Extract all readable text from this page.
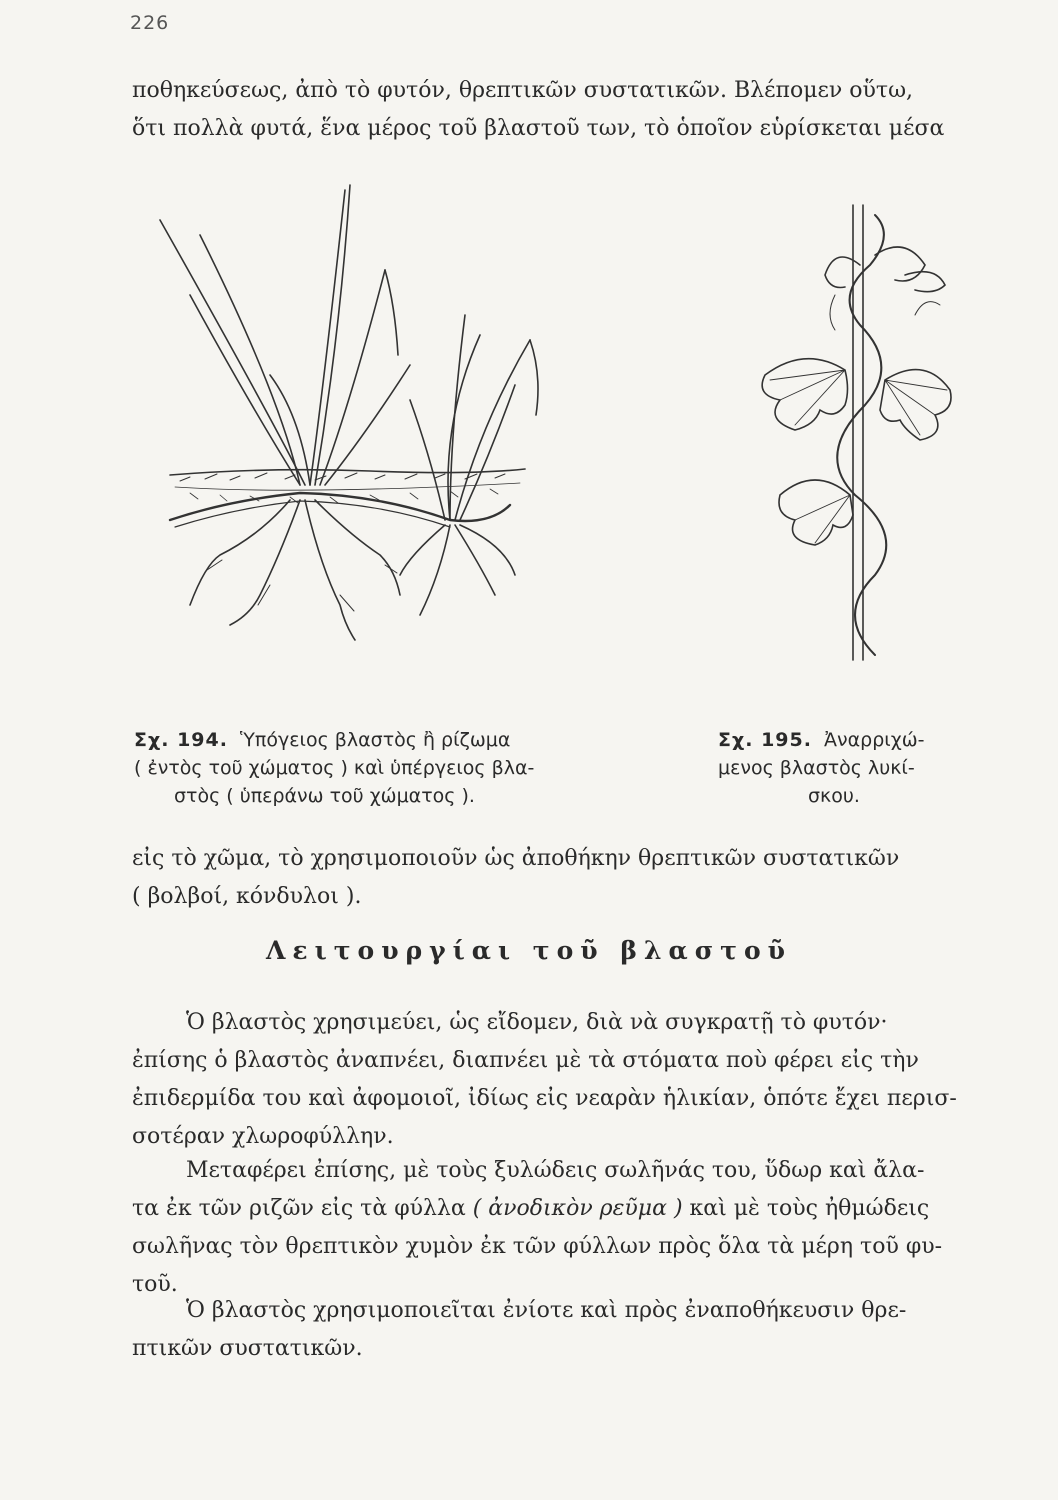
226

ποθηκεύσεως, ἀπὸ τὸ φυτόν, θρεπτικῶν συστατικῶν. Βλέπομεν οὕτω,
ὅτι πολλὰ φυτά, ἕνα μέρος τοῦ βλαστοῦ των, τὸ ὁποῖον εὑρίσκεται μέσα

Σχ. 194. Ὑπόγειος βλαστὸς ἢ ρίζωμα
( ἐντὸς τοῦ χώματος ) καὶ ὑπέργειος βλα-
στὸς ( ὑπεράνω τοῦ χώματος ).

Σχ. 195. Ἀναρριχώ-
μενος βλαστὸς λυκί-
σκου.

εἰς τὸ χῶμα, τὸ χρησιμοποιοῦν ὡς ἀποθήκην θρεπτικῶν συστατικῶν
( βολβοί, κόνδυλοι ).

Λειτουργίαι τοῦ βλαστοῦ

Ὁ βλαστὸς χρησιμεύει, ὡς εἴδομεν, διὰ νὰ συγκρατῇ τὸ φυτόν·
ἐπίσης ὁ βλαστὸς ἀναπνέει, διαπνέει μὲ τὰ στόματα ποὺ φέρει εἰς τὴν
ἐπιδερμίδα του καὶ ἀφομοιοῖ, ἰδίως εἰς νεαρὰν ἡλικίαν, ὁπότε ἔχει περισ-
σοτέραν χλωροφύλλην.

Μεταφέρει ἐπίσης, μὲ τοὺς ξυλώδεις σωλῆνάς του, ὕδωρ καὶ ἄλα-
τα ἐκ τῶν ριζῶν εἰς τὰ φύλλα ( ἀνοδικὸν ρεῦμα ) καὶ μὲ τοὺς ἠθμώδεις
σωλῆνας τὸν θρεπτικὸν χυμὸν ἐκ τῶν φύλλων πρὸς ὅλα τὰ μέρη τοῦ φυ-
τοῦ.

Ὁ βλαστὸς χρησιμοποιεῖται ἐνίοτε καὶ πρὸς ἐναποθήκευσιν θρε-
πτικῶν συστατικῶν.
